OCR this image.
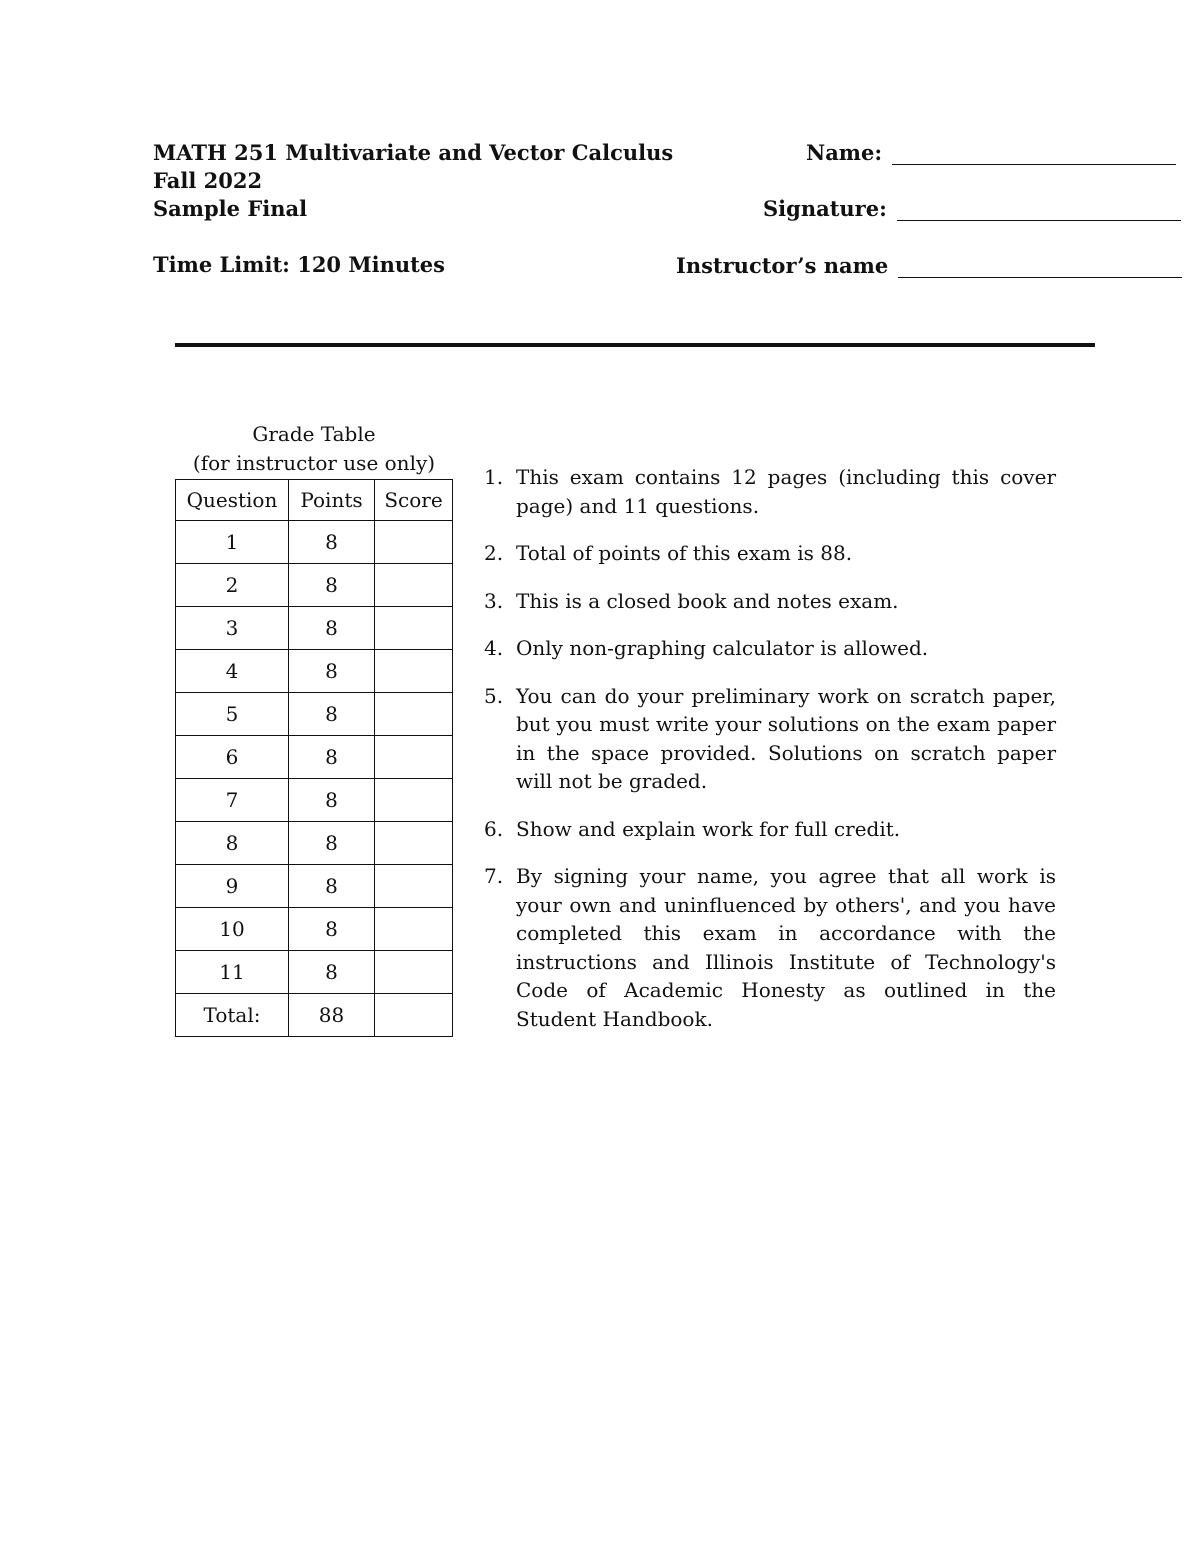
MATH 251 Multivariate and Vector Calculus
Fall 2022
Sample Final
Time Limit: 120 Minutes
Name:
Signature:
Instructor’s name
Grade Table
(for instructor use only)
Question	Points	Score
1	8	
2	8	
3	8	
4	8	
5	8	
6	8	
7	8	
8	8	
9	8	
10	8	
11	8	
Total:	88	
1. This exam contains 12 pages (including this cover page) and 11 questions.
2. Total of points of this exam is 88.
3. This is a closed book and notes exam.
4. Only non-graphing calculator is allowed.
5. You can do your preliminary work on scratch paper, but you must write your solutions on the exam paper in the space provided. Solutions on scratch paper will not be graded.
6. Show and explain work for full credit.
7. By signing your name, you agree that all work is your own and uninfluenced by others', and you have completed this exam in accordance with the instructions and Illinois Institute of Technology's Code of Academic Honesty as outlined in the Student Handbook.
